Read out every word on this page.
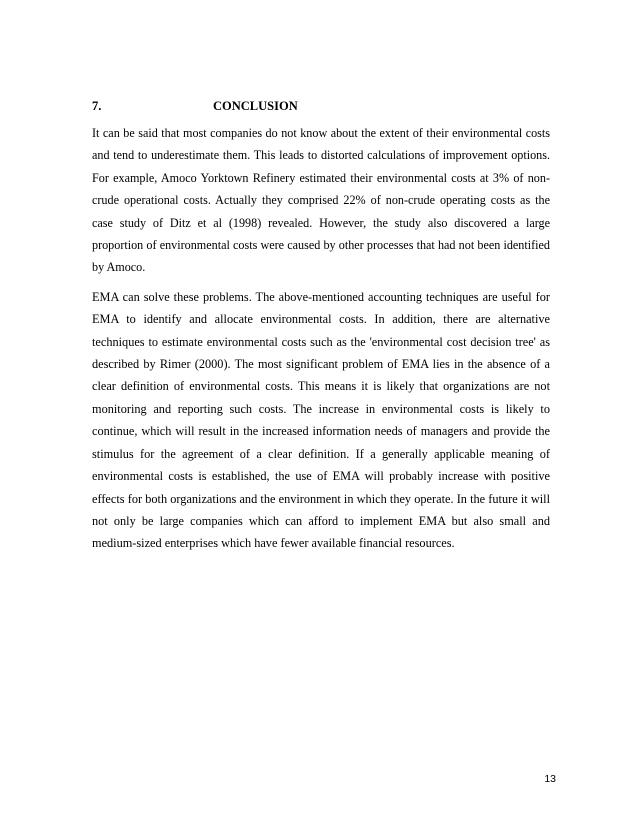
7.	CONCLUSION

It can be said that most companies do not know about the extent of their environmental costs and tend to underestimate them. This leads to distorted calculations of improvement options. For example, Amoco Yorktown Refinery estimated their environmental costs at 3% of non-crude operational costs. Actually they comprised 22% of non-crude operating costs as the case study of Ditz et al (1998) revealed. However, the study also discovered a large proportion of environmental costs were caused by other processes that had not been identified by Amoco.

EMA can solve these problems. The above-mentioned accounting techniques are useful for EMA to identify and allocate environmental costs. In addition, there are alternative techniques to estimate environmental costs such as the 'environmental cost decision tree' as described by Rimer (2000). The most significant problem of EMA lies in the absence of a clear definition of environmental costs. This means it is likely that organizations are not monitoring and reporting such costs. The increase in environmental costs is likely to continue, which will result in the increased information needs of managers and provide the stimulus for the agreement of a clear definition. If a generally applicable meaning of environmental costs is established, the use of EMA will probably increase with positive effects for both organizations and the environment in which they operate. In the future it will not only be large companies which can afford to implement EMA but also small and medium-sized enterprises which have fewer available financial resources.

13
